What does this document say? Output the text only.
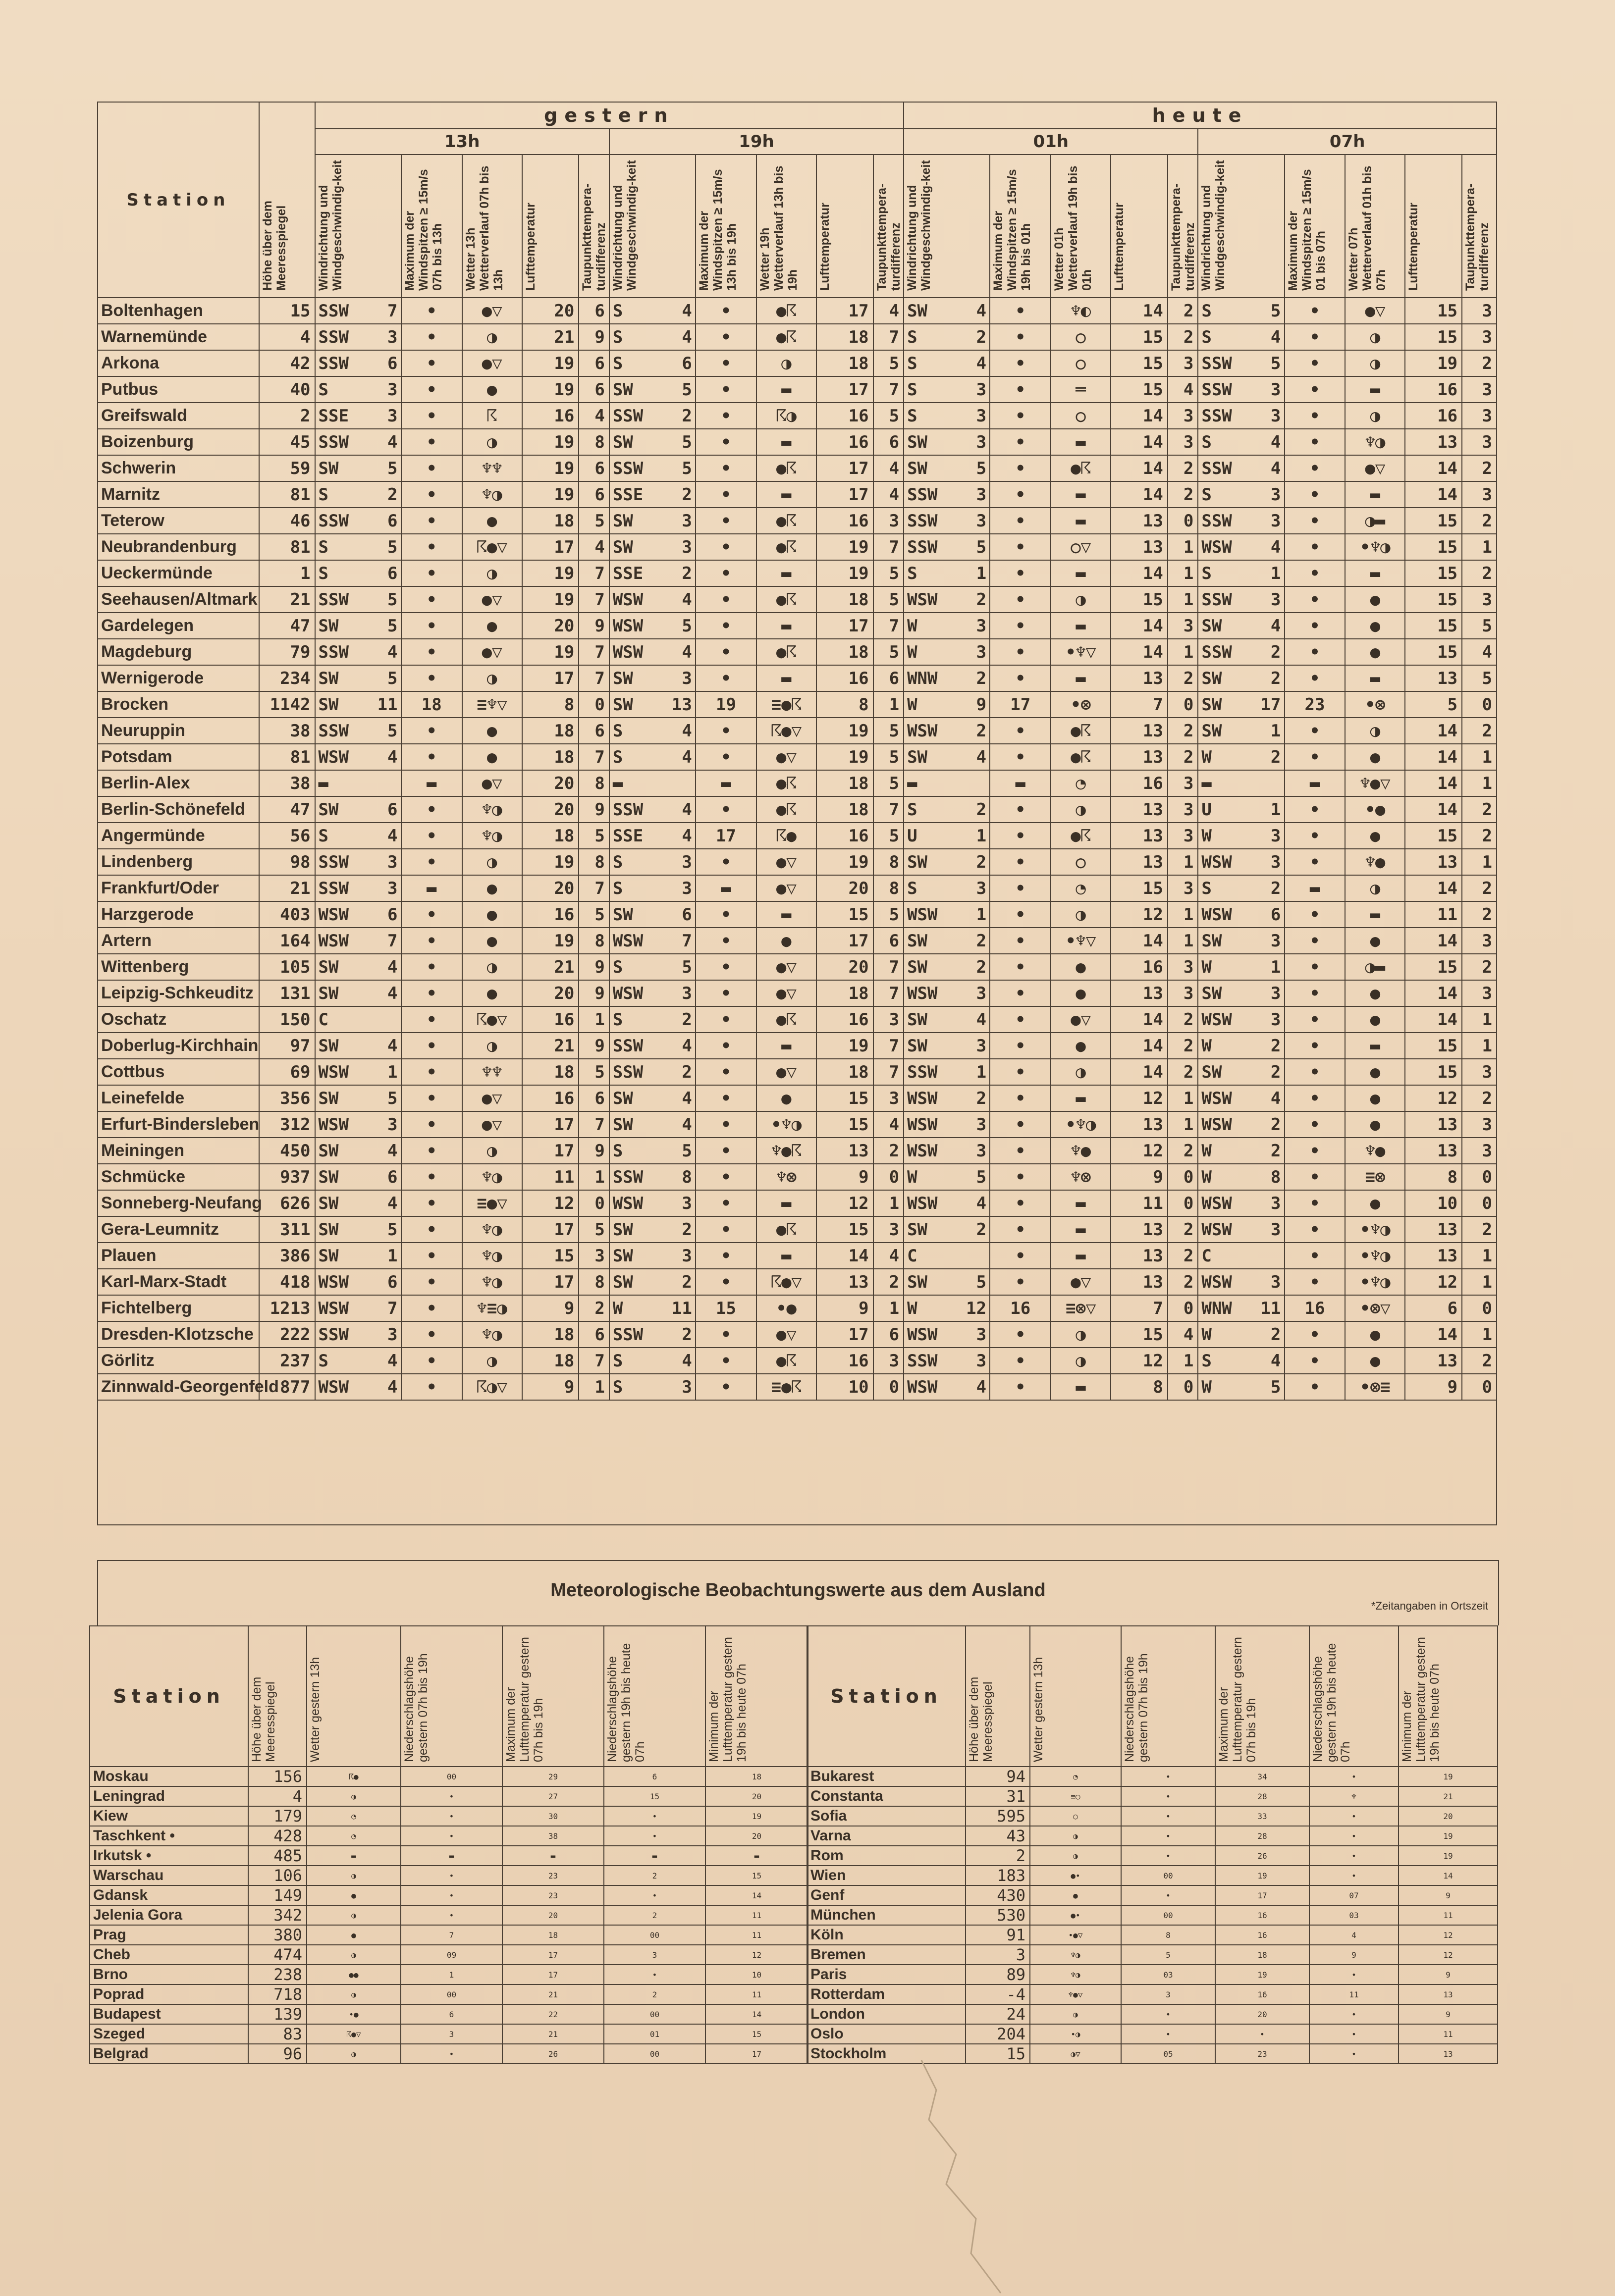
Station	Höhe über dem Meeresspiegel	gestern										heute									
		13h					19h					01h					07h				
		Windrichtung und Windgeschwindig-keit	Maximum der Windspitzen ≥ 15m/s 07h bis 13h	Wetter 13h Wetterverlauf 07h bis 13h	Lufttemperatur	Taupunkttempera-turdifferenz	Windrichtung und Windgeschwindig-keit	Maximum der Windspitzen ≥ 15m/s 13h bis 19h	Wetter 19h Wetterverlauf 13h bis 19h	Lufttemperatur	Taupunkttempera-turdifferenz	Windrichtung und Windgeschwindig-keit	Maximum der Windspitzen ≥ 15m/s 19h bis 01h	Wetter 01h Wetterverlauf 19h bis 01h	Lufttemperatur	Taupunkttempera-turdifferenz	Windrichtung und Windgeschwindig-keit	Maximum der Windspitzen ≥ 15m/s 01 bis 07h	Wetter 07h Wetterverlauf 01h bis 07h	Lufttemperatur	Taupunkttempera-turdifferenz
Boltenhagen	15	SSW 7	•	●▽	20	6	S 4	•	●☈	17	4	SW 4	•	♆◐	14	2	S 5	•	●▽	15	3
Warnemünde	4	SSW 3	•	◑	21	9	S 4	•	●☈	18	7	S 2	•	○	15	2	S 4	•	◑	15	3
Arkona	42	SSW 6	•	●▽	19	6	S 6	•	◑	18	5	S 4	•	○	15	3	SSW 5	•	◑	19	2
Putbus	40	S 3	•	●	19	6	SW 5	•	▬	17	7	S 3	•	═	15	4	SSW 3	•	▬	16	3
Greifswald	2	SSE 3	•	☈	16	4	SSW 2	•	☈◑	16	5	S 3	•	○	14	3	SSW 3	•	◑	16	3
Boizenburg	45	SSW 4	•	◑	19	8	SW 5	•	▬	16	6	SW 3	•	▬	14	3	S 4	•	♆◑	13	3
Schwerin	59	SW 5	•	♆♆	19	6	SSW 5	•	●☈	17	4	SW 5	•	●☈	14	2	SSW 4	•	●▽	14	2
Marnitz	81	S 2	•	♆◑	19	6	SSE 2	•	▬	17	4	SSW 3	•	▬	14	2	S 3	•	▬	14	3
Teterow	46	SSW 6	•	●	18	5	SW 3	•	●☈	16	3	SSW 3	•	▬	13	0	SSW 3	•	◑▬	15	2
Neubrandenburg	81	S 5	•	☈●▽	17	4	SW 3	•	●☈	19	7	SSW 5	•	○▽	13	1	WSW 4	•	•♆◑	15	1
Ueckermünde	1	S 6	•	◑	19	7	SSE 2	•	▬	19	5	S 1	•	▬	14	1	S 1	•	▬	15	2
Seehausen/Altmark	21	SSW 5	•	●▽	19	7	WSW 4	•	●☈	18	5	WSW 2	•	◑	15	1	SSW 3	•	●	15	3
Gardelegen	47	SW 5	•	●	20	9	WSW 5	•	▬	17	7	W 3	•	▬	14	3	SW 4	•	●	15	5
Magdeburg	79	SSW 4	•	●▽	19	7	WSW 4	•	●☈	18	5	W 3	•	•♆▽	14	1	SSW 2	•	●	15	4
Wernigerode	234	SW 5	•	◑	17	7	SW 3	•	▬	16	6	WNW 2	•	▬	13	2	SW 2	•	▬	13	5
Brocken	1142	SW 11	18	≡♆▽	8	0	SW 13	19	≡●☈	8	1	W 9	17	•⊗	7	0	SW 17	23	•⊗	5	0
Neuruppin	38	SSW 5	•	●	18	6	S 4	•	☈●▽	19	5	WSW 2	•	●☈	13	2	SW 1	•	◑	14	2
Potsdam	81	WSW 4	•	●	18	7	S 4	•	●▽	19	5	SW 4	•	●☈	13	2	W 2	•	●	14	1
Berlin-Alex	38	▬	▬	●▽	20	8	▬	▬	●☈	18	5	▬	▬	◔	16	3	▬	▬	♆●▽	14	1
Berlin-Schönefeld	47	SW 6	•	♆◑	20	9	SSW 4	•	●☈	18	7	S 2	•	◑	13	3	U 1	•	•●	14	2
Angermünde	56	S 4	•	♆◑	18	5	SSE 4	17	☈●	16	5	U 1	•	●☈	13	3	W 3	•	●	15	2
Lindenberg	98	SSW 3	•	◑	19	8	S 3	•	●▽	19	8	SW 2	•	○	13	1	WSW 3	•	♆●	13	1
Frankfurt/Oder	21	SSW 3	▬	●	20	7	S 3	▬	●▽	20	8	S 3	•	◔	15	3	S 2	▬	◑	14	2
Harzgerode	403	WSW 6	•	●	16	5	SW 6	•	▬	15	5	WSW 1	•	◑	12	1	WSW 6	•	▬	11	2
Artern	164	WSW 7	•	●	19	8	WSW 7	•	●	17	6	SW 2	•	•♆▽	14	1	SW 3	•	●	14	3
Wittenberg	105	SW 4	•	◑	21	9	S 5	•	●▽	20	7	SW 2	•	●	16	3	W 1	•	◑▬	15	2
Leipzig-Schkeuditz	131	SW 4	•	●	20	9	WSW 3	•	●▽	18	7	WSW 3	•	●	13	3	SW 3	•	●	14	3
Oschatz	150	C	•	☈●▽	16	1	S 2	•	●☈	16	3	SW 4	•	●▽	14	2	WSW 3	•	●	14	1
Doberlug-Kirchhain	97	SW 4	•	◑	21	9	SSW 4	•	▬	19	7	SW 3	•	●	14	2	W 2	•	▬	15	1
Cottbus	69	WSW 1	•	♆♆	18	5	SSW 2	•	●▽	18	7	SSW 1	•	◑	14	2	SW 2	•	●	15	3
Leinefelde	356	SW 5	•	●▽	16	6	SW 4	•	●	15	3	WSW 2	•	▬	12	1	WSW 4	•	●	12	2
Erfurt-Bindersleben	312	WSW 3	•	●▽	17	7	SW 4	•	•♆◑	15	4	WSW 3	•	•♆◑	13	1	WSW 2	•	●	13	3
Meiningen	450	SW 4	•	◑	17	9	S 5	•	♆●☈	13	2	WSW 3	•	♆●	12	2	W 2	•	♆●	13	3
Schmücke	937	SW 6	•	♆◑	11	1	SSW 8	•	♆⊗	9	0	W 5	•	♆⊗	9	0	W 8	•	≡⊗	8	0
Sonneberg-Neufang	626	SW 4	•	≡●▽	12	0	WSW 3	•	▬	12	1	WSW 4	•	▬	11	0	WSW 3	•	●	10	0
Gera-Leumnitz	311	SW 5	•	♆◑	17	5	SW 2	•	●☈	15	3	SW 2	•	▬	13	2	WSW 3	•	•♆◑	13	2
Plauen	386	SW 1	•	♆◑	15	3	SW 3	•	▬	14	4	C	•	▬	13	2	C	•	•♆◑	13	1
Karl-Marx-Stadt	418	WSW 6	•	♆◑	17	8	SW 2	•	☈●▽	13	2	SW 5	•	●▽	13	2	WSW 3	•	•♆◑	12	1
Fichtelberg	1213	WSW 7	•	♆≡◑	9	2	W 11	15	•●	9	1	W 12	16	≡⊗▽	7	0	WNW 11	16	•⊗▽	6	0
Dresden-Klotzsche	222	SSW 3	•	♆◑	18	6	SSW 2	•	●▽	17	6	WSW 3	•	◑	15	4	W 2	•	●	14	1
Görlitz	237	S 4	•	◑	18	7	S 4	•	●☈	16	3	SSW 3	•	◑	12	1	S 4	•	●	13	2
Zinnwald-Georgenfeld	877	WSW 4	•	☈◑▽	9	1	S 3	•	≡●☈	10	0	WSW 4	•	▬	8	0	W 5	•	•⊗≡	9	0

Meteorologische Beobachtungswerte aus dem Ausland
*Zeitangaben in Ortszeit
Station	Höhe über dem Meeresspiegel	Wetter gestern 13h	Niederschlagshöhe gestern 07h bis 19h	Maximum der Lufttemperatur gestern 07h bis 19h	Niederschlagshöhe gestern 19h bis heute 07h	Minimum der Lufttemperatur gestern 19h bis heute 07h
Moskau	156	☈●	00	29	6	18
Leningrad	4	◑	•	27	15	20
Kiew	179	◔	•	30	•	19
Taschkent •	428	◔	•	38	•	20
Irkutsk •	485	▬	▬	▬	▬	▬
Warschau	106	◑	•	23	2	15
Gdansk	149	●	•	23	•	14
Jelenia Gora	342	◑	•	20	2	11
Prag	380	●	7	18	00	11
Cheb	474	◑	09	17	3	12
Brno	238	●●	1	17	•	10
Poprad	718	◑	00	21	2	11
Budapest	139	•●	6	22	00	14
Szeged	83	☈●▽	3	21	01	15
Belgrad	96	◑	•	26	00	17
Station	Höhe über dem Meeresspiegel	Wetter gestern 13h	Niederschlagshöhe gestern 07h bis 19h	Maximum der Lufttemperatur gestern 07h bis 19h	Niederschlagshöhe gestern 19h bis heute 07h	Minimum der Lufttemperatur gestern 19h bis heute 07h
Bukarest	94	◔	•	34	•	19
Constanta	31	≡○	•	28	♆	21
Sofia	595	○	•	33	•	20
Varna	43	◑	•	28	•	19
Rom	2	◑	•	26	•	19
Wien	183	●•	00	19	•	14
Genf	430	●	•	17	07	9
München	530	●•	00	16	03	11
Köln	91	•●▽	8	16	4	12
Bremen	3	♆◑	5	18	9	12
Paris	89	♆◑	03	19	•	9
Rotterdam	-4	♆●▽	3	16	11	13
London	24	◑	•	20	•	9
Oslo	204	•◑	•	•	•	11
Stockholm	15	◑▽	05	23	•	13
